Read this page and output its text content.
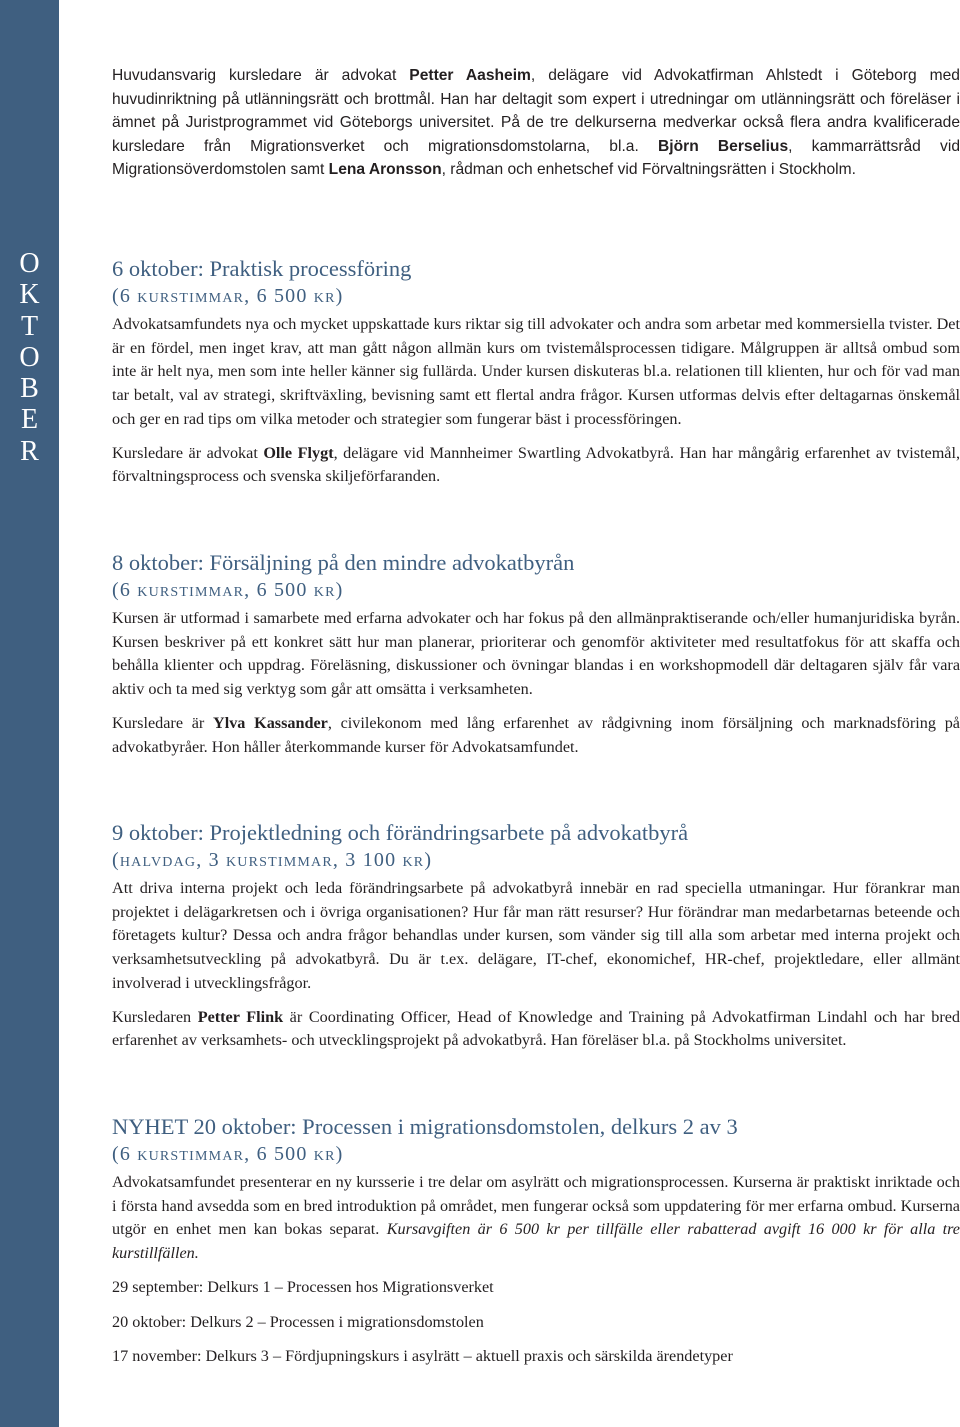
O
K
T
O
B
E
R

Huvudansvarig kursledare är advokat Petter Aasheim, delägare vid Advokatfirman Ahlstedt i Göteborg med huvudinriktning på utlänningsrätt och brottmål. Han har deltagit som expert i utredningar om utlänningsrätt och föreläser i ämnet på Juristprogrammet vid Göteborgs universitet. På de tre delkurserna medverkar också flera andra kvalificerade kursledare från Migrationsverket och migrationsdomstolarna, bl.a. Björn Berselius, kammarrättsråd vid Migrationsöverdomstolen samt Lena Aronsson, rådman och enhetschef vid Förvaltningsrätten i Stockholm.

6 oktober: Praktisk processföring
(6 kurstimmar, 6 500 kr)

Advokatsamfundets nya och mycket uppskattade kurs riktar sig till advokater och andra som arbetar med kommersiella tvister. Det är en fördel, men inget krav, att man gått någon allmän kurs om tvistemålsprocessen tidigare. Målgruppen är alltså ombud som inte är helt nya, men som inte heller känner sig fullärda. Under kursen diskuteras bl.a. relationen till klienten, hur och för vad man tar betalt, val av strategi, skriftväxling, bevisning samt ett flertal andra frågor. Kursen utformas delvis efter deltagarnas önskemål och ger en rad tips om vilka metoder och strategier som fungerar bäst i processföringen.

Kursledare är advokat Olle Flygt, delägare vid Mannheimer Swartling Advokatbyrå. Han har mångårig erfarenhet av tvistemål, förvaltningsprocess och svenska skiljeförfaranden.

8 oktober: Försäljning på den mindre advokatbyrån
(6 kurstimmar, 6 500 kr)

Kursen är utformad i samarbete med erfarna advokater och har fokus på den allmänpraktiserande och/eller humanjuridiska byrån. Kursen beskriver på ett konkret sätt hur man planerar, prioriterar och genomför aktiviteter med resultatfokus för att skaffa och behålla klienter och uppdrag. Föreläsning, diskussioner och övningar blandas i en workshopmodell där deltagaren själv får vara aktiv och ta med sig verktyg som går att omsätta i verksamheten.

Kursledare är Ylva Kassander, civilekonom med lång erfarenhet av rådgivning inom försäljning och marknadsföring på advokatbyråer. Hon håller återkommande kurser för Advokatsamfundet.

9 oktober: Projektledning och förändringsarbete på advokatbyrå
(halvdag, 3 kurstimmar, 3 100 kr)

Att driva interna projekt och leda förändringsarbete på advokatbyrå innebär en rad speciella utmaningar. Hur förankrar man projektet i delägarkretsen och i övriga organisationen? Hur får man rätt resurser? Hur förändrar man medarbetarnas beteende och företagets kultur? Dessa och andra frågor behandlas under kursen, som vänder sig till alla som arbetar med interna projekt och verksamhetsutveckling på advokatbyrå. Du är t.ex. delägare, IT-chef, ekonomichef, HR-chef, projektledare, eller allmänt involverad i utvecklingsfrågor.

Kursledaren Petter Flink är Coordinating Officer, Head of Knowledge and Training på Advokatfirman Lindahl och har bred erfarenhet av verksamhets- och utvecklingsprojekt på advokatbyrå. Han föreläser bl.a. på Stockholms universitet.

NYHET 20 oktober: Processen i migrationsdomstolen, delkurs 2 av 3
(6 kurstimmar, 6 500 kr)

Advokatsamfundet presenterar en ny kursserie i tre delar om asylrätt och migrationsprocessen. Kurserna är praktiskt inriktade och i första hand avsedda som en bred introduktion på området, men fungerar också som uppdatering för mer erfarna ombud. Kurserna utgör en enhet men kan bokas separat. Kursavgiften är 6 500 kr per tillfälle eller rabatterad avgift 16 000 kr för alla tre kurstillfällen.

29 september: Delkurs 1 – Processen hos Migrationsverket

20 oktober: Delkurs 2 – Processen i migrationsdomstolen

17 november: Delkurs 3 – Fördjupningskurs i asylrätt – aktuell praxis och särskilda ärendetyper
